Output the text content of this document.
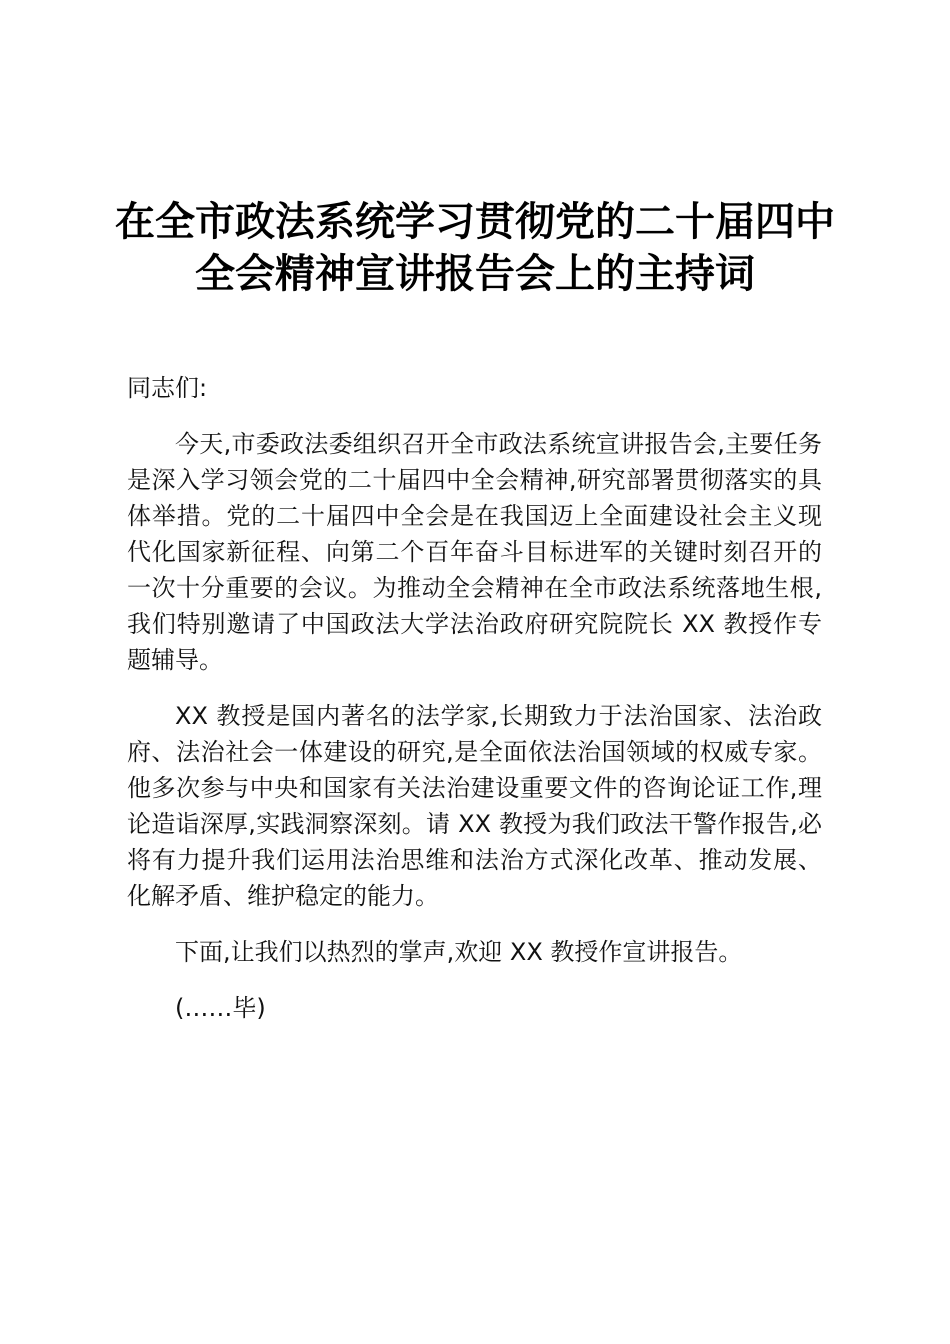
在全市政法系统学习贯彻党的二十届四中
全会精神宣讲报告会上的主持词

同志们:

今天,市委政法委组织召开全市政法系统宣讲报告会,主要任务是深入学习领会党的二十届四中全会精神,研究部署贯彻落实的具体举措。党的二十届四中全会是在我国迈上全面建设社会主义现代化国家新征程、向第二个百年奋斗目标进军的关键时刻召开的一次十分重要的会议。为推动全会精神在全市政法系统落地生根,我们特别邀请了中国政法大学法治政府研究院院长 XX 教授作专题辅导。

XX 教授是国内著名的法学家,长期致力于法治国家、法治政府、法治社会一体建设的研究,是全面依法治国领域的权威专家。他多次参与中央和国家有关法治建设重要文件的咨询论证工作,理论造诣深厚,实践洞察深刻。请 XX 教授为我们政法干警作报告,必将有力提升我们运用法治思维和法治方式深化改革、推动发展、化解矛盾、维护稳定的能力。

下面,让我们以热烈的掌声,欢迎 XX 教授作宣讲报告。

(……毕)
